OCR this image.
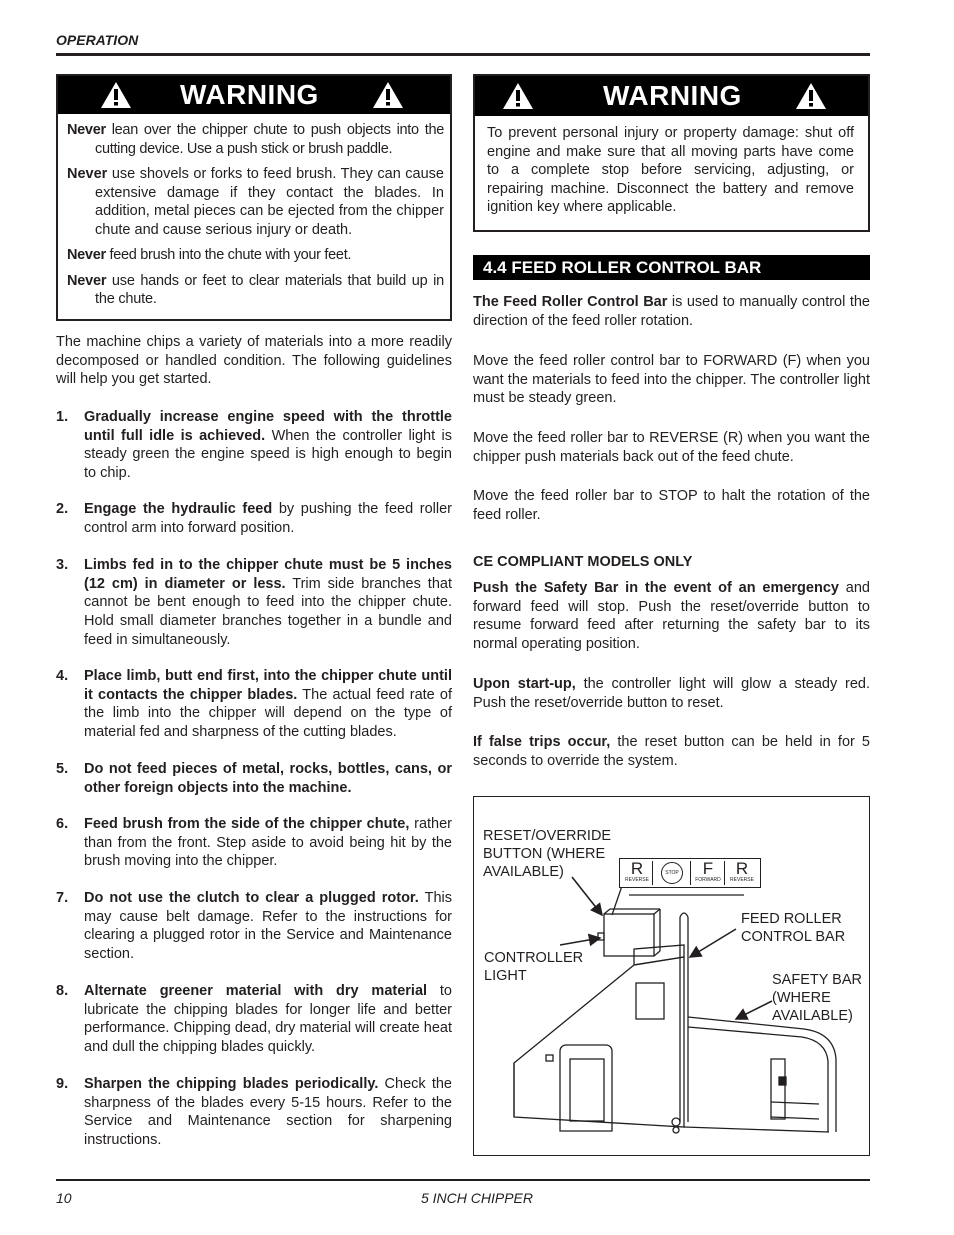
OPERATION
WARNING

Never lean over the chipper chute to push objects into the cutting device. Use a push stick or brush paddle.

Never use shovels or forks to feed brush. They can cause extensive damage if they contact the blades. In addition, metal pieces can be ejected from the chipper chute and cause serious injury or death.

Never feed brush into the chute with your feet.

Never use hands or feet to clear materials that build up in the chute.

WARNING
To prevent personal injury or property damage: shut off engine and make sure that all moving parts have come to a complete stop before servicing, adjusting, or repairing machine. Disconnect the battery and remove ignition key where applicable.
The machine chips a variety of materials into a more readily decomposed or handled condition. The following guidelines will help you get started.
1. Gradually increase engine speed with the throttle until full idle is achieved. When the controller light is steady green the engine speed is high enough to begin to chip.
2. Engage the hydraulic feed by pushing the feed roller control arm into forward position.
3. Limbs fed in to the chipper chute must be 5 inches (12 cm) in diameter or less. Trim side branches that cannot be bent enough to feed into the chipper chute. Hold small diameter branches together in a bundle and feed in simultaneously.
4. Place limb, butt end first, into the chipper chute until it contacts the chipper blades. The actual feed rate of the limb into the chipper will depend on the type of material fed and sharpness of the cutting blades.
5. Do not feed pieces of metal, rocks, bottles, cans, or other foreign objects into the machine.
6. Feed brush from the side of the chipper chute, rather than from the front. Step aside to avoid being hit by the brush moving into the chipper.
7. Do not use the clutch to clear a plugged rotor. This may cause belt damage. Refer to the instructions for clearing a plugged rotor in the Service and Maintenance section.
8. Alternate greener material with dry material to lubricate the chipping blades for longer life and better performance. Chipping dead, dry material will create heat and dull the chipping blades quickly.
9. Sharpen the chipping blades periodically. Check the sharpness of the blades every 5-15 hours. Refer to the Service and Maintenance section for sharpening instructions.
4.4 FEED ROLLER CONTROL BAR
The Feed Roller Control Bar is used to manually control the direction of the feed roller rotation.
Move the feed roller control bar to FORWARD (F) when you want the materials to feed into the chipper. The controller light must be steady green.
Move the feed roller bar to REVERSE (R) when you want the chipper push materials back out of the feed chute.
Move the feed roller bar to STOP to halt the rotation of the feed roller.
CE COMPLIANT MODELS ONLY
Push the Safety Bar in the event of an emergency and forward feed will stop. Push the reset/override button to resume forward feed after returning the safety bar to its normal operating position.
Upon start-up, the controller light will glow a steady red. Push the reset/override button to reset.
If false trips occur, the reset button can be held in for 5 seconds to override the system.
R
REVERSE
STOP	F
FORWARD
R
REVERSE
RESET/OVERRIDE
BUTTON (WHERE
AVAILABLE)
CONTROLLER
LIGHT
FEED ROLLER
CONTROL BAR
SAFETY BAR
(WHERE
AVAILABLE)
10	5 INCH CHIPPER
